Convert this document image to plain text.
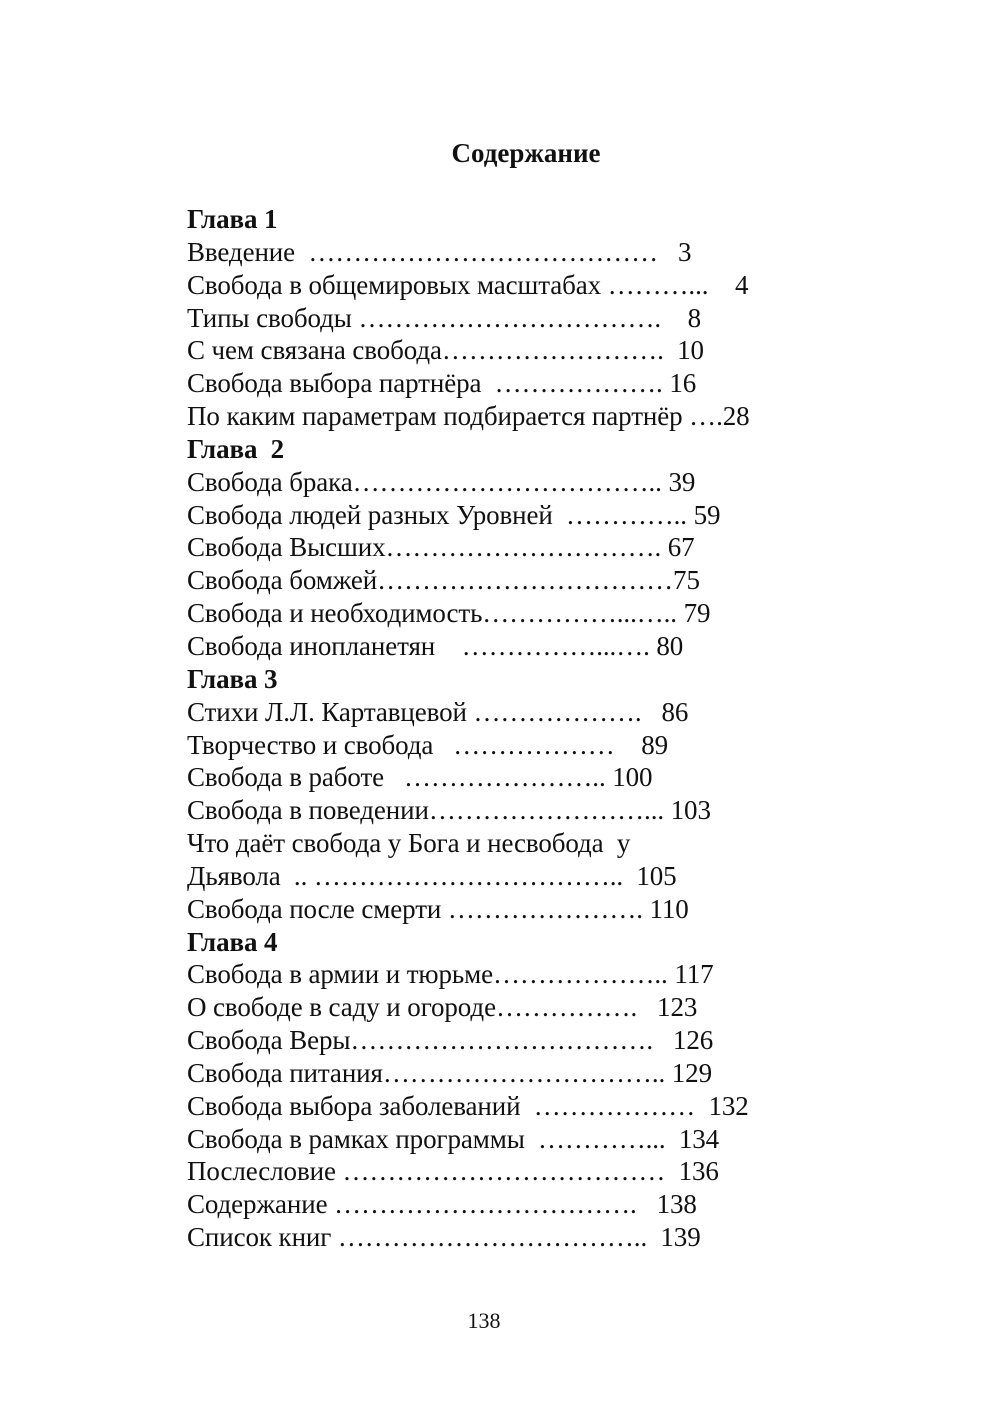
Содержание
Глава 1
Введение  …………………………………   3
Свобода в общемировых масштабах ………...    4
Типы свободы …………………………….    8
С чем связана свобода…………………….  10
Свобода выбора партнёра  ………………. 16
По каким параметрам подбирается партнёр ….28
Глава  2
Свобода брака…………………………….. 39
Свобода людей разных Уровней  ………….. 59
Свобода Высших…………………………. 67
Свобода бомжей……………………………75
Свобода и необходимость……………...….. 79
Свобода инопланетян    ……………...…. 80
Глава 3
Стихи Л.Л. Картавцевой ……………….   86
Творчество и свобода   ………………    89
Свобода в работе   ………………….. 100
Свобода в поведении……………………... 103
Что даёт свобода у Бога и несвобода  у
Дьявола  .. ……………………………..  105
Свобода после смерти …………………. 110
Глава 4
Свобода в армии и тюрьме……………….. 117
О свободе в саду и огороде…………….   123
Свобода Веры…………………………….   126
Свобода питания………………………….. 129
Свобода выбора заболеваний  ………………  132
Свобода в рамках программы  …………...  134
Послесловие ………………………………  136
Содержание …………………………….   138
Список книг ……………………………..  139
138
